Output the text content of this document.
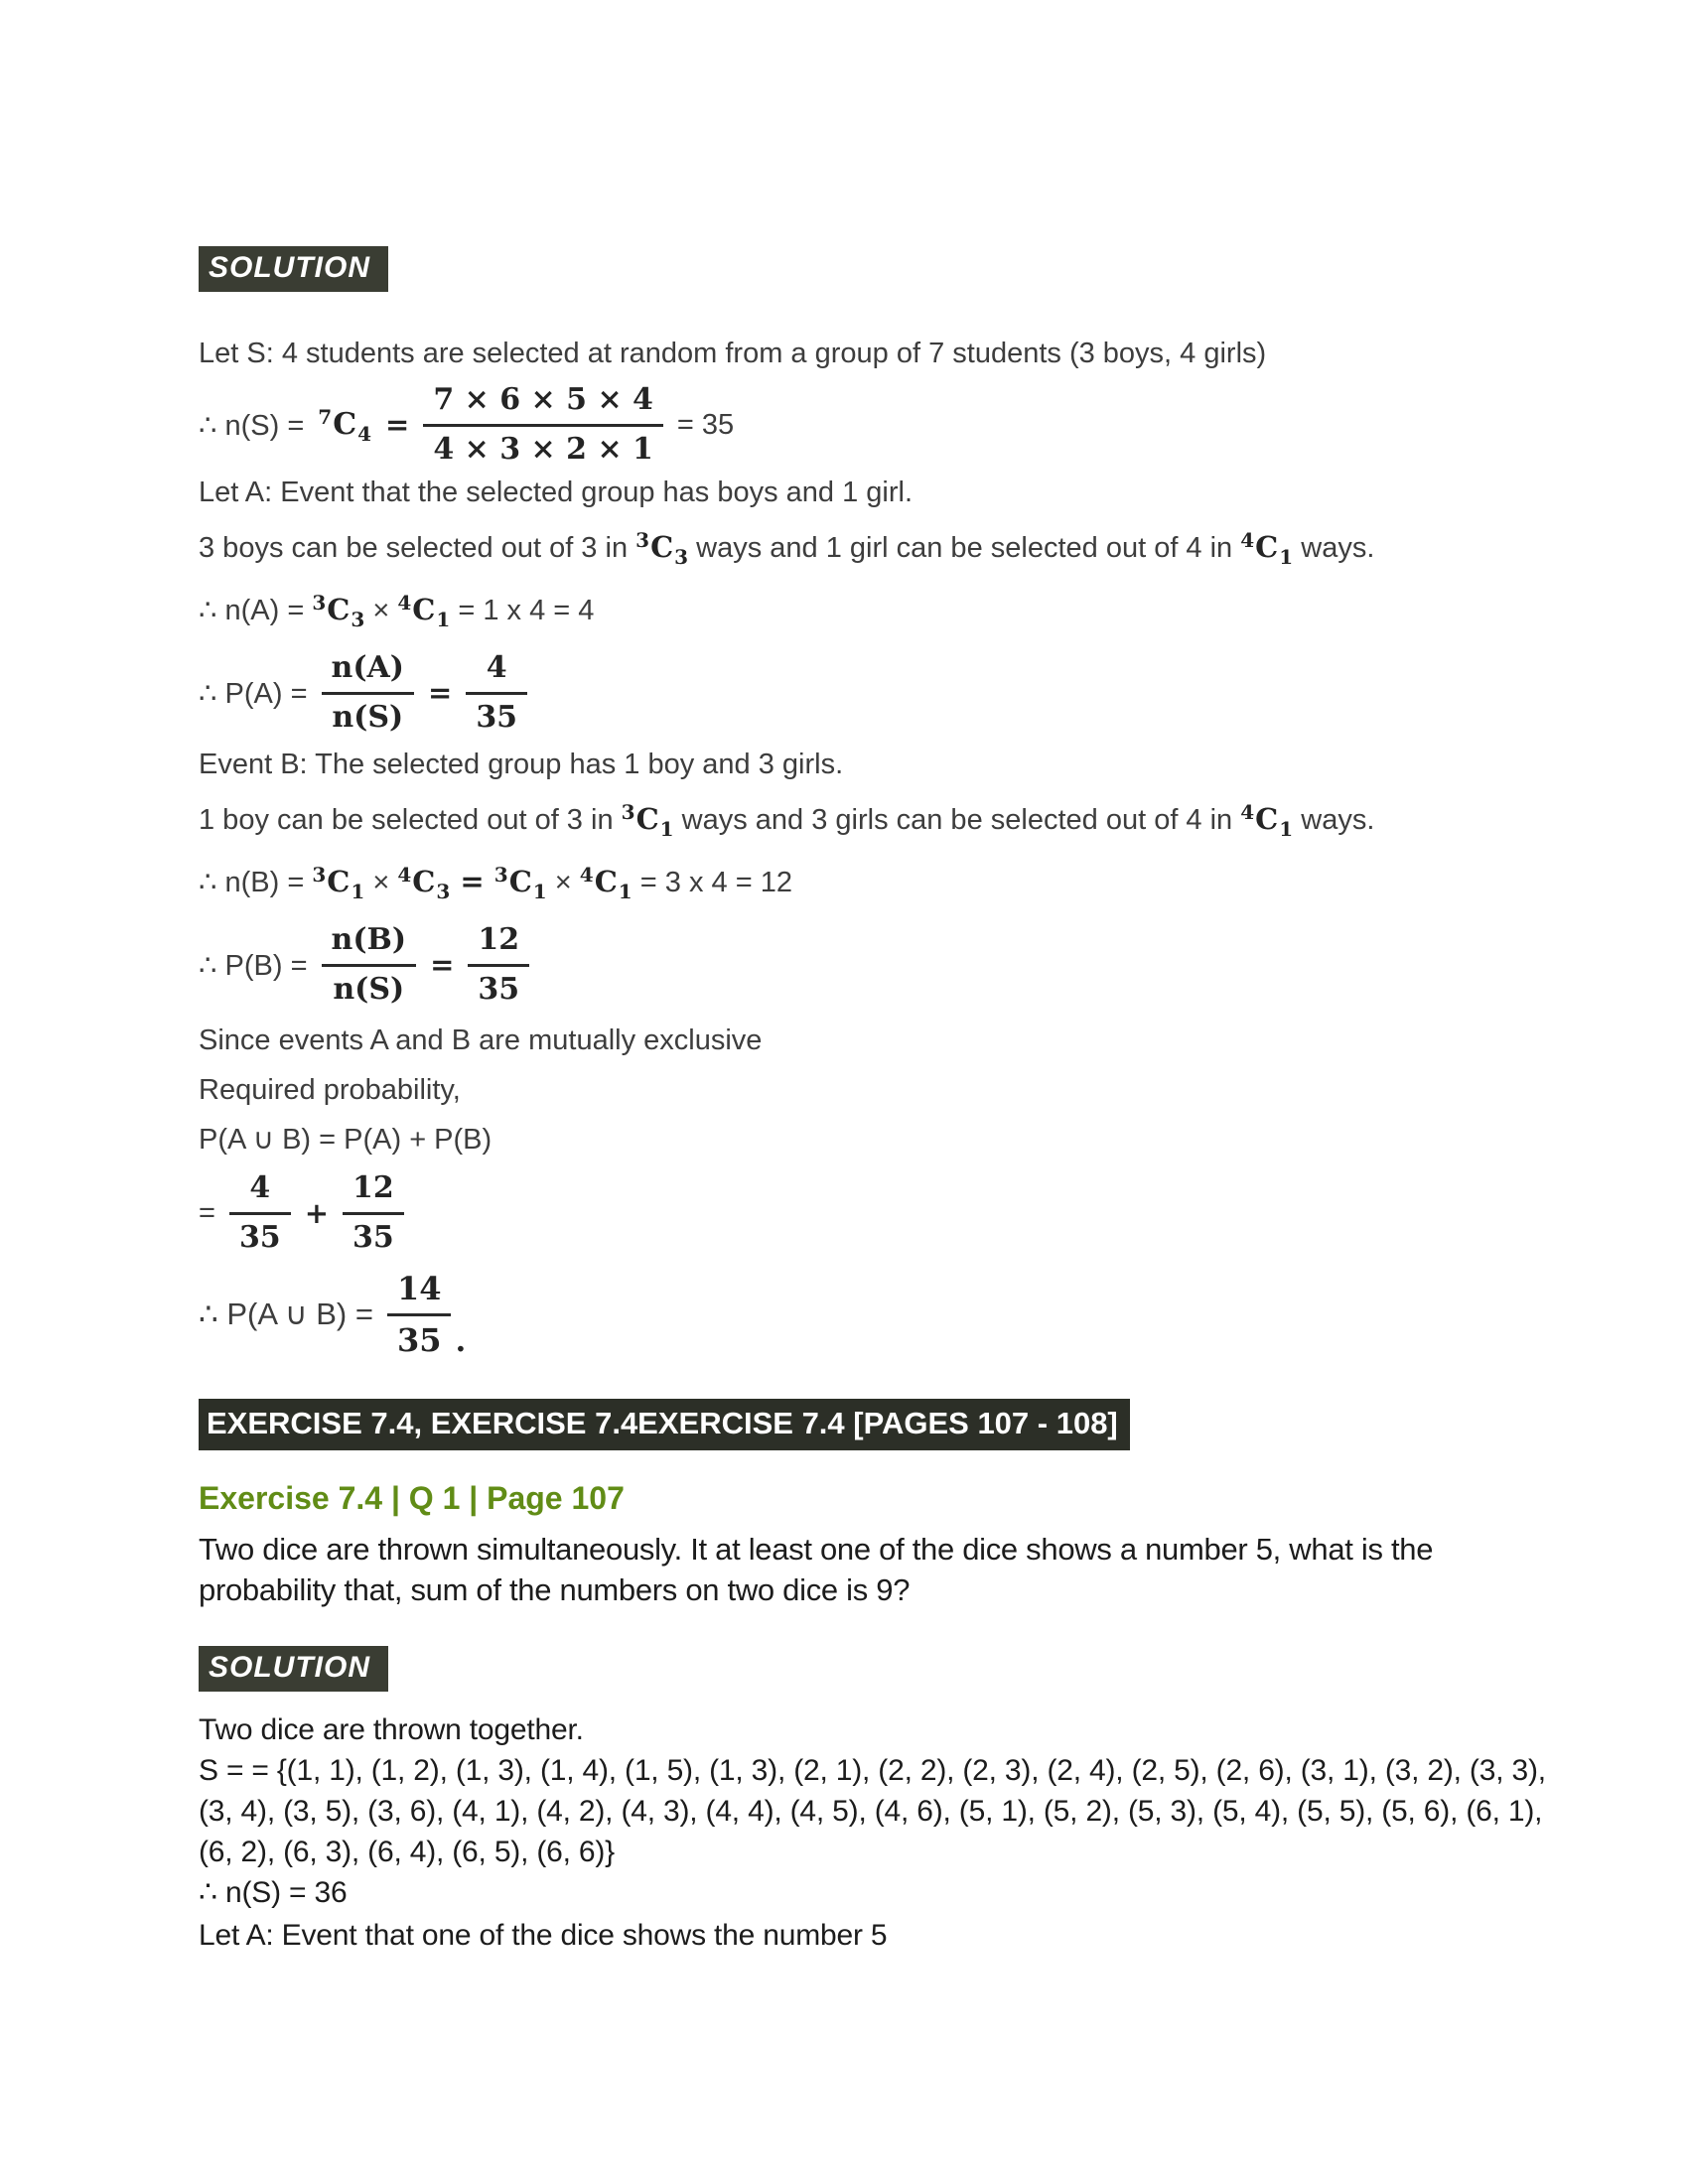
SOLUTION

Let S: 4 students are selected at random from a group of 7 students (3 boys, 4 girls)

∴ $n(S) = ^7C_4 = \frac{7 \times 6 \times 5 \times 4}{4 \times 3 \times 2 \times 1} = 35$

Let A: Event that the selected group has boys and 1 girl.

3 boys can be selected out of 3 in $^3C_3$ ways and 1 girl can be selected out of 4 in $^4C_1$ ways.

∴ $n(A) = ^3C_3 \times ^4C_1 = 1$ x 4 = 4

∴ $P(A) = \frac{n(A)}{n(S)} = \frac{4}{35}$

Event B: The selected group has 1 boy and 3 girls.

1 boy can be selected out of 3 in $^3C_1$ ways and 3 girls can be selected out of 4 in $^4C_1$ ways.

∴ $n(B) = ^3C_1 \times ^4C_3 = ^3C_1 \times ^4C_1 = 3$ x 4 = 12

∴ $P(B) = \frac{n(B)}{n(S)} = \frac{12}{35}$

Since events A and B are mutually exclusive

Required probability,

P(A ∪ B) = P(A) + P(B)

= $\frac{4}{35} + \frac{12}{35}$
∴ P(A ∪ $B) = \frac{14}{35}$ .
EXERCISE 7.4, EXERCISE 7.4EXERCISE 7.4 [PAGES 107 - 108]
Exercise 7.4 | Q 1 | Page 107

Two dice are thrown simultaneously. It at least one of the dice shows a number 5, what is the probability that, sum of the numbers on two dice is 9?

SOLUTION

Two dice are thrown together.

S = = {(1, 1), (1, 2), (1, 3), (1, 4), (1, 5), (1, 3), (2, 1), (2, 2), (2, 3), (2, 4), (2, 5), (2, 6), (3, 1), (3, 2), (3, 3), (3, 4), (3, 5), (3, 6), (4, 1), (4, 2), (4, 3), (4, 4), (4, 5), (4, 6), (5, 1), (5, 2), (5, 3), (5, 4), (5, 5), (5, 6), (6, 1), (6, 2), (6, 3), (6, 4), (6, 5), (6, 6)}

∴ n(S) = 36

Let A: Event that one of the dice shows the number 5
